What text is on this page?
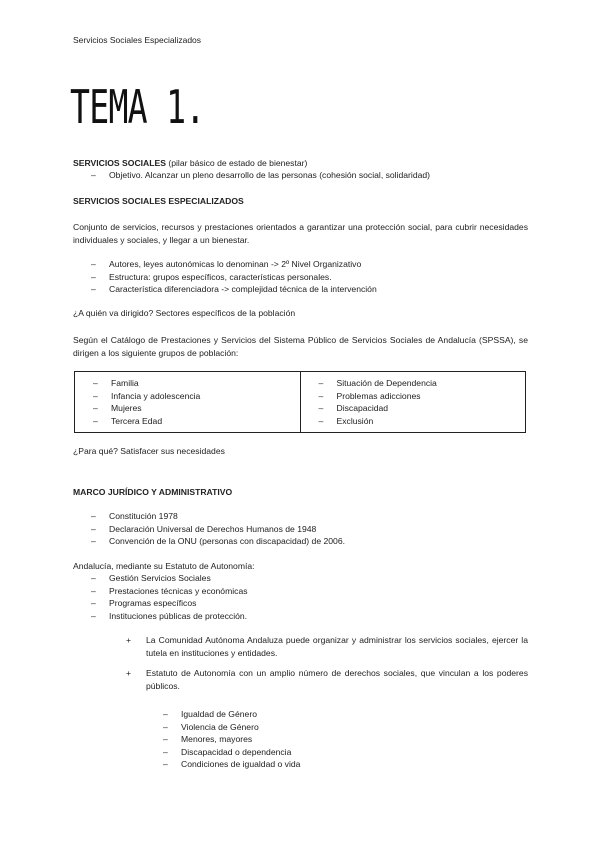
Servicios Sociales Especializados
TEMA 1.
SERVICIOS SOCIALES (pilar básico de estado de bienestar)
– Objetivo. Alcanzar un pleno desarrollo de las personas (cohesión social, solidaridad)
SERVICIOS SOCIALES ESPECIALIZADOS
Conjunto de servicios, recursos y prestaciones orientados a garantizar una protección social, para cubrir necesidades individuales y sociales, y llegar a un bienestar.
– Autores, leyes autonómicas lo denominan -> 2º Nivel Organizativo
– Estructura: grupos específicos, características personales.
– Característica diferenciadora -> complejidad técnica de la intervención
¿A quién va dirigido? Sectores específicos de la población
Según el Catálogo de Prestaciones y Servicios del Sistema Público de Servicios Sociales de Andalucía (SPSSA), se dirigen a los siguiente grupos de población:
– Familia
– Infancia y adolescencia
– Mujeres
– Tercera Edad
– Situación de Dependencia
– Problemas adicciones
– Discapacidad
– Exclusión
¿Para qué? Satisfacer sus necesidades
MARCO JURÍDICO Y ADMINISTRATIVO
– Constitución 1978
– Declaración Universal de Derechos Humanos de 1948
– Convención de la ONU (personas con discapacidad) de 2006.
Andalucía, mediante su Estatuto de Autonomía:
– Gestión Servicios Sociales
– Prestaciones técnicas y económicas
– Programas específicos
– Instituciones públicas de protección.
+ La Comunidad Autónoma Andaluza puede organizar y administrar los servicios sociales, ejercer la tutela en instituciones y entidades.
+ Estatuto de Autonomía con un amplio número de derechos sociales, que vinculan a los poderes públicos.
– Igualdad de Género
– Violencia de Género
– Menores, mayores
– Discapacidad o dependencia
– Condiciones de igualdad o vida
